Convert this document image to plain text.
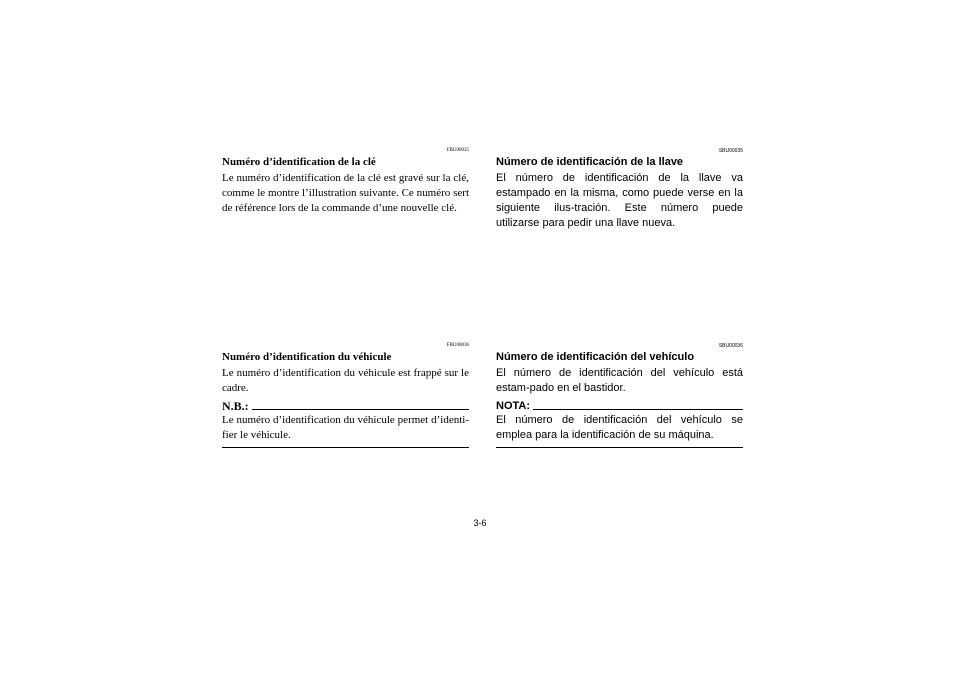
FBU00035
Numéro d’identification de la clé

Le numéro d’identification de la clé est gravé sur la clé, comme le montre l’illustration suivante. Ce numéro sert de référence lors de la commande d’une nouvelle clé.

SBU00035
Número de identificación de la llave

El número de identificación de la llave va estampado en la misma, como puede verse en la siguiente ilus-tración. Este número puede utilizarse para pedir una llave nueva.

FBU00036
Numéro d’identification du véhicule

Le numéro d’identification du véhicule est frappé sur le cadre.

N.B.:

Le numéro d’identification du véhicule permet d’identi-fier le véhicule.

SBU00036
Número de identificación del vehículo

El número de identificación del vehículo está estam-pado en el bastidor.

NOTA:

El número de identificación del vehículo se emplea para la identificación de su máquina.

3-6
